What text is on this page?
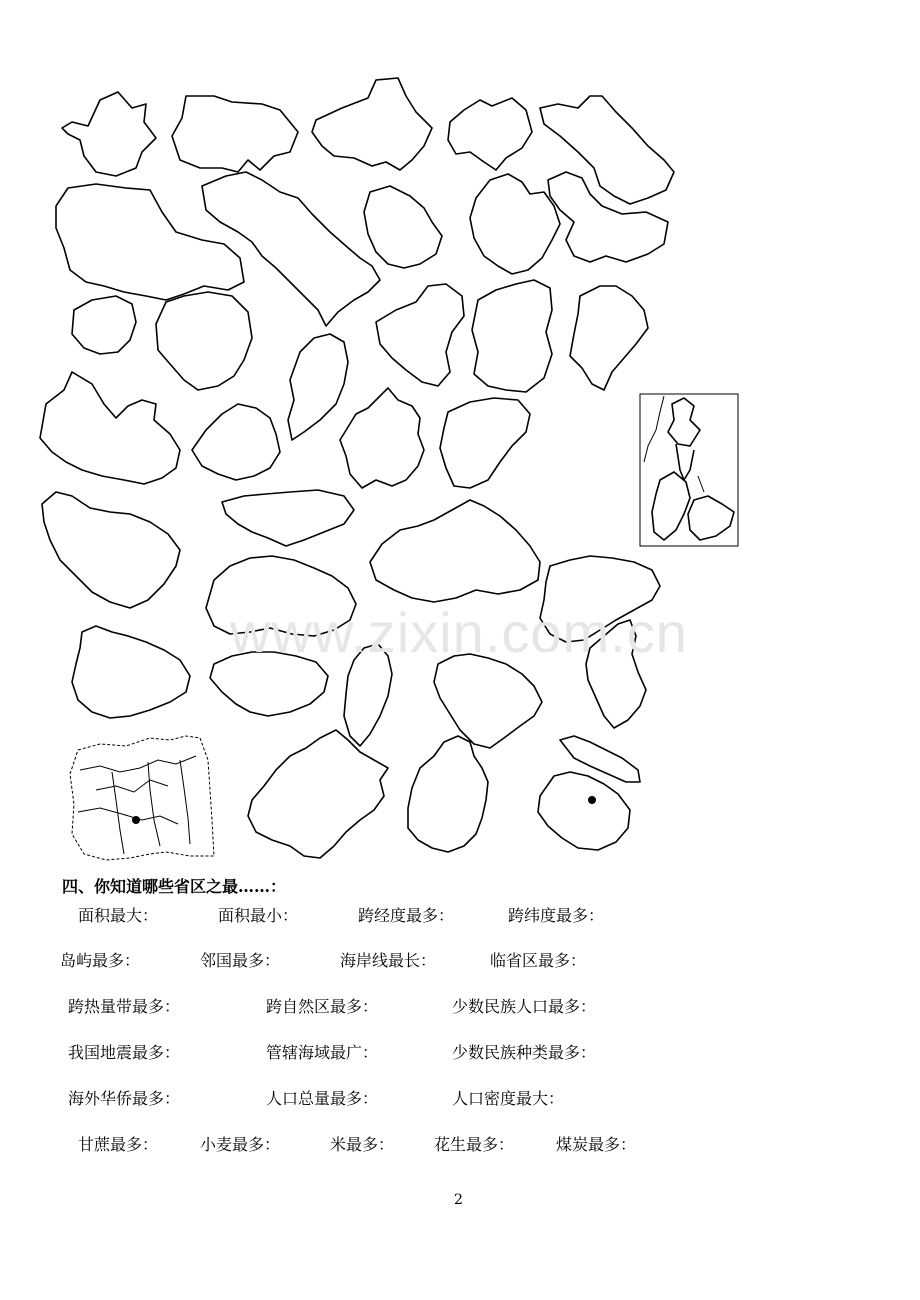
www.zixin.com.cn
四、你知道哪些省区之最……：
面积最大：	面积最小：	跨经度最多：	跨纬度最多：
岛屿最多：	邻国最多：	海岸线最长：	临省区最多：
跨热量带最多：	跨自然区最多：	少数民族人口最多：
我国地震最多：	管辖海域最广：	少数民族种类最多：
海外华侨最多：	人口总量最多：	人口密度最大：
甘蔗最多：	小麦最多：	米最多： 花生最多：	煤炭最多：
2
